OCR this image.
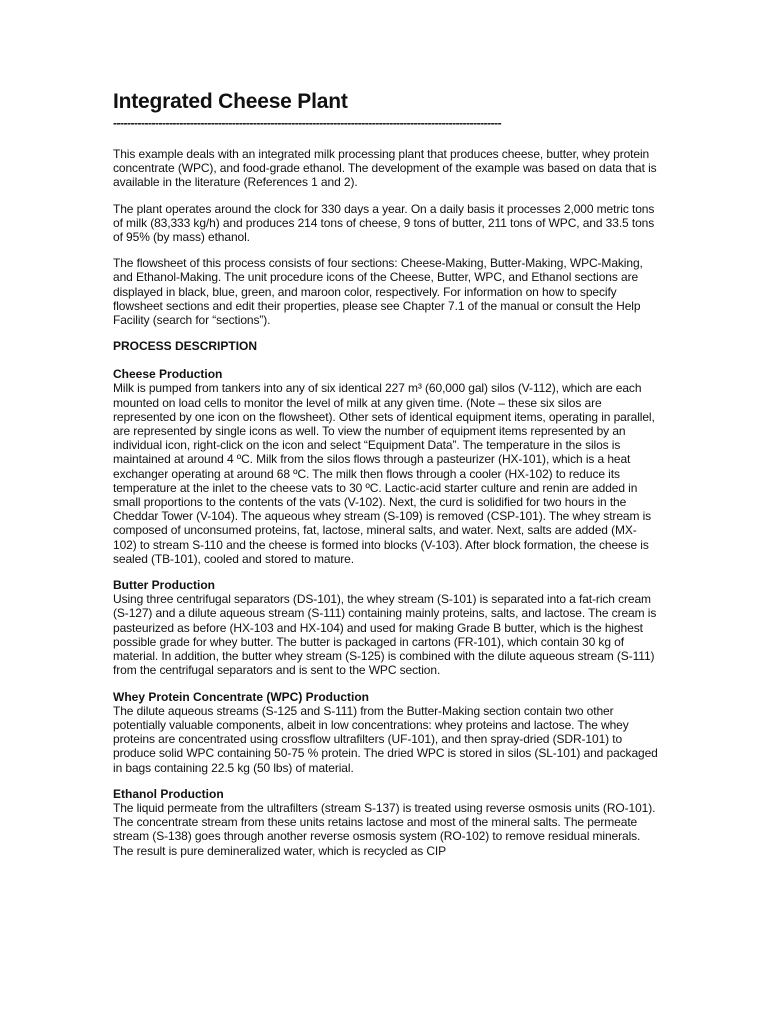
Integrated Cheese Plant
---------------------------------------------------------------------------------------------------------------

This example deals with an integrated milk processing plant that produces cheese, butter, whey protein concentrate (WPC), and food-grade ethanol. The development of the example was based on data that is available in the literature (References 1 and 2).

The plant operates around the clock for 330 days a year. On a daily basis it processes 2,000 metric tons of milk (83,333 kg/h) and produces 214 tons of cheese, 9 tons of butter, 211 tons of WPC, and 33.5 tons of 95% (by mass) ethanol.

The flowsheet of this process consists of four sections: Cheese-Making, Butter-Making, WPC-Making, and Ethanol-Making. The unit procedure icons of the Cheese, Butter, WPC, and Ethanol sections are displayed in black, blue, green, and maroon color, respectively. For information on how to specify flowsheet sections and edit their properties, please see Chapter 7.1 of the manual or consult the Help Facility (search for “sections”).

PROCESS DESCRIPTION
Cheese Production

Milk is pumped from tankers into any of six identical 227 m³ (60,000 gal) silos (V-112), which are each mounted on load cells to monitor the level of milk at any given time. (Note – these six silos are represented by one icon on the flowsheet). Other sets of identical equipment items, operating in parallel, are represented by single icons as well. To view the number of equipment items represented by an individual icon, right-click on the icon and select “Equipment Data”. The temperature in the silos is maintained at around 4 ºC. Milk from the silos flows through a pasteurizer (HX-101), which is a heat exchanger operating at around 68 ºC. The milk then flows through a cooler (HX-102) to reduce its temperature at the inlet to the cheese vats to 30 ºC. Lactic-acid starter culture and renin are added in small proportions to the contents of the vats (V-102). Next, the curd is solidified for two hours in the Cheddar Tower (V-104). The aqueous whey stream (S-109) is removed (CSP-101). The whey stream is composed of unconsumed proteins, fat, lactose, mineral salts, and water. Next, salts are added (MX-102) to stream S-110 and the cheese is formed into blocks (V-103). After block formation, the cheese is sealed (TB-101), cooled and stored to mature.

Butter Production

Using three centrifugal separators (DS-101), the whey stream (S-101) is separated into a fat-rich cream (S-127) and a dilute aqueous stream (S-111) containing mainly proteins, salts, and lactose. The cream is pasteurized as before (HX-103 and HX-104) and used for making Grade B butter, which is the highest possible grade for whey butter. The butter is packaged in cartons (FR-101), which contain 30 kg of material. In addition, the butter whey stream (S-125) is combined with the dilute aqueous stream (S-111) from the centrifugal separators and is sent to the WPC section.

Whey Protein Concentrate (WPC) Production

The dilute aqueous streams (S-125 and S-111) from the Butter-Making section contain two other potentially valuable components, albeit in low concentrations: whey proteins and lactose. The whey proteins are concentrated using crossflow ultrafilters (UF-101), and then spray-dried (SDR-101) to produce solid WPC containing 50-75 % protein. The dried WPC is stored in silos (SL-101) and packaged in bags containing 22.5 kg (50 lbs) of material.

Ethanol Production

The liquid permeate from the ultrafilters (stream S-137) is treated using reverse osmosis units (RO-101). The concentrate stream from these units retains lactose and most of the mineral salts. The permeate stream (S-138) goes through another reverse osmosis system (RO-102) to remove residual minerals. The result is pure demineralized water, which is recycled as CIP
